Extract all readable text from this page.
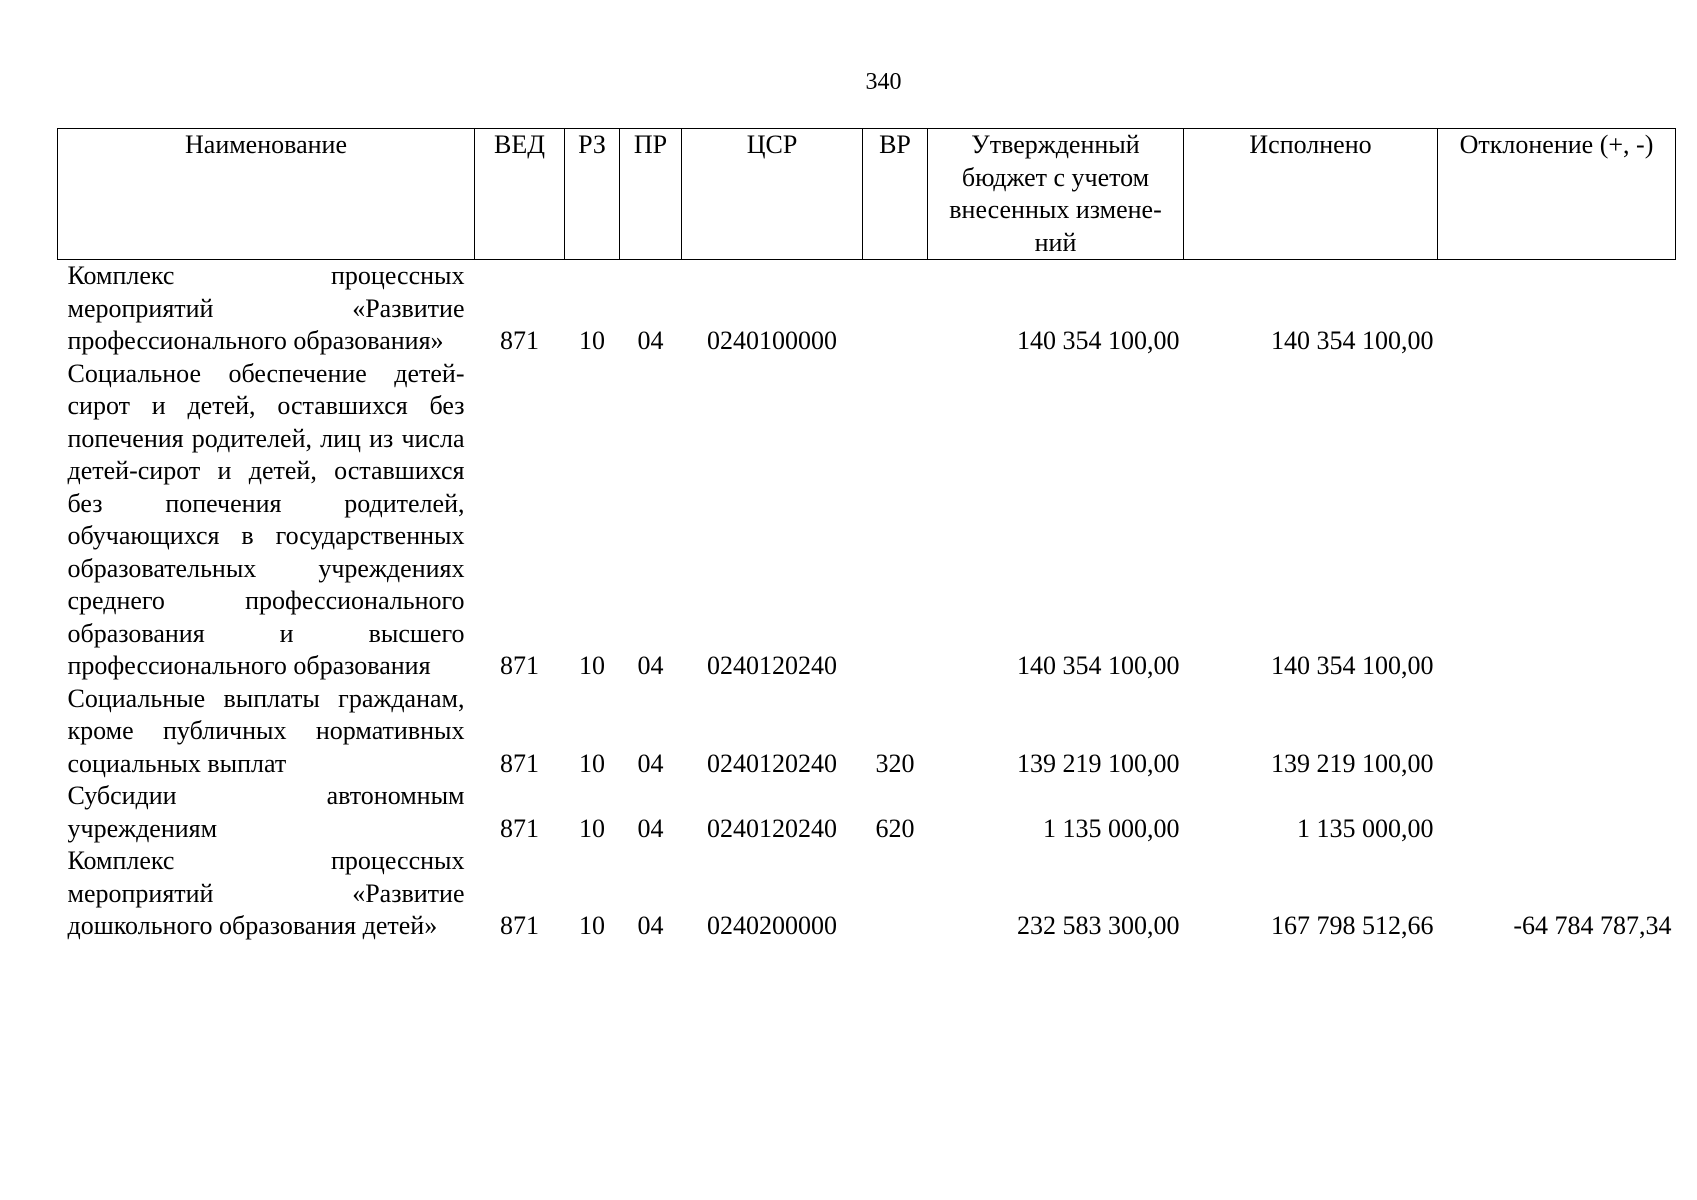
340
Наименование	ВЕД	РЗ	ПР	ЦСР	ВР	Утвержденный бюджет с учетом внесенных измене-ний	Исполнено	Отклонение (+, -)
Комплекс процессных мероприятий «Развитие профессионального образования»	871	10	04	0240100000		140 354 100,00	140 354 100,00	
Социальное обеспечение детей-сирот и детей, оставшихся без попечения родителей, лиц из числа детей-сирот и детей, оставшихся без попечения родителей, обучающихся в государственных образовательных учреждениях среднего профессионального образования и высшего профессионального образования	871	10	04	0240120240		140 354 100,00	140 354 100,00	
Социальные выплаты гражданам, кроме публичных нормативных социальных выплат	871	10	04	0240120240	320	139 219 100,00	139 219 100,00	
Субсидии автономным учреждениям	871	10	04	0240120240	620	1 135 000,00	1 135 000,00	
Комплекс процессных мероприятий «Развитие дошкольного образования детей»	871	10	04	0240200000		232 583 300,00	167 798 512,66	-64 784 787,34
